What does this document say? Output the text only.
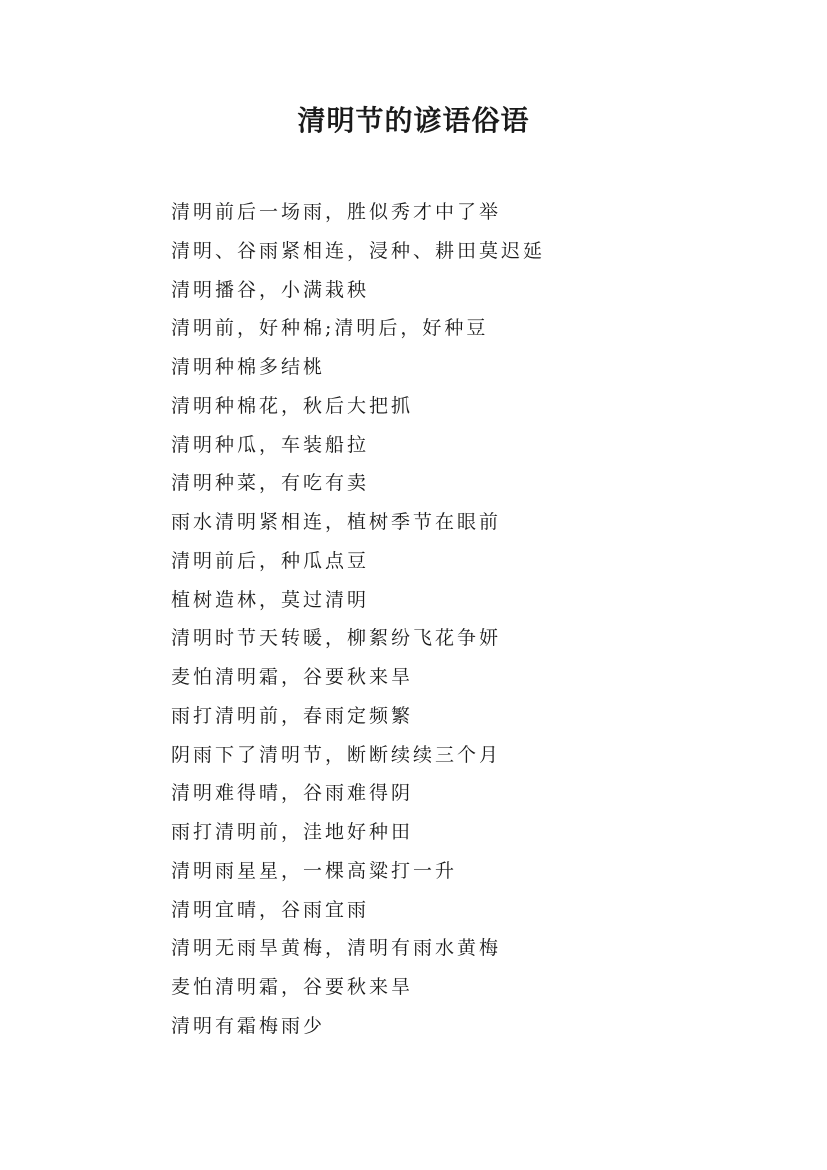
清明节的谚语俗语
清明前后一场雨，胜似秀才中了举
清明、谷雨紧相连，浸种、耕田莫迟延
清明播谷，小满栽秧
清明前，好种棉;清明后，好种豆
清明种棉多结桃
清明种棉花，秋后大把抓
清明种瓜，车装船拉
清明种菜，有吃有卖
雨水清明紧相连，植树季节在眼前
清明前后，种瓜点豆
植树造林，莫过清明
清明时节天转暖，柳絮纷飞花争妍
麦怕清明霜，谷要秋来旱
雨打清明前，春雨定频繁
阴雨下了清明节，断断续续三个月
清明难得晴，谷雨难得阴
雨打清明前，洼地好种田
清明雨星星，一棵高粱打一升
清明宜晴，谷雨宜雨
清明无雨旱黄梅，清明有雨水黄梅
麦怕清明霜，谷要秋来旱
清明有霜梅雨少
